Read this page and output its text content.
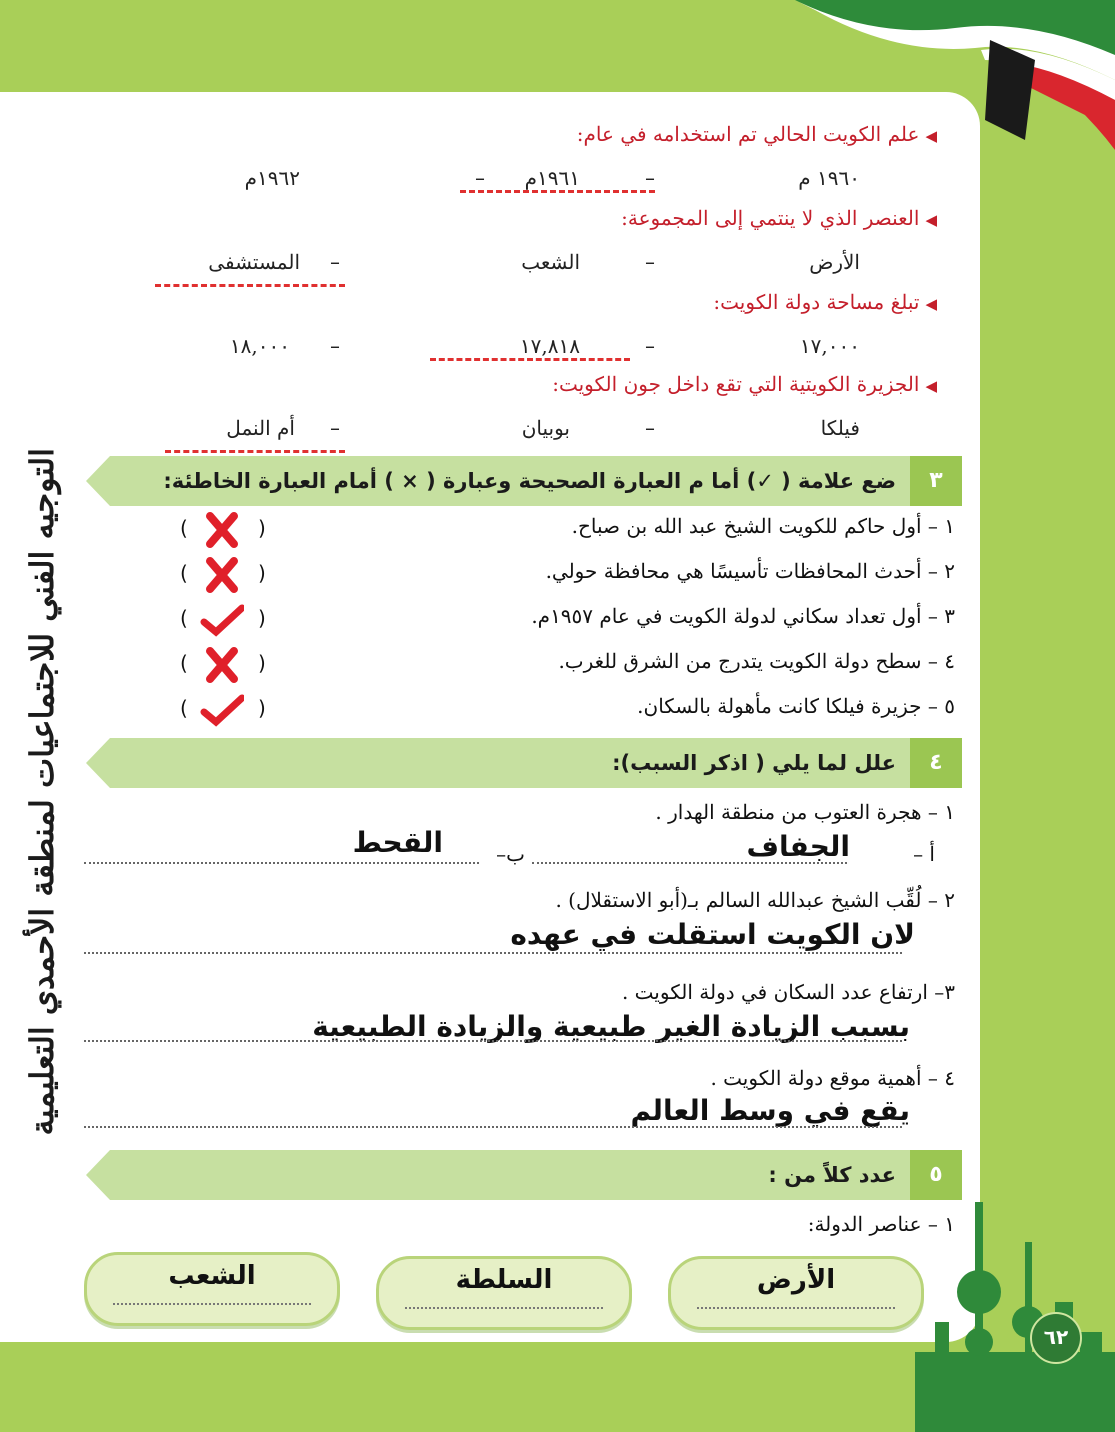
التوجيه الفني للاجتماعيات لمنطقة الأحمدي التعليمية
٦٢
◀علم الكويت الحالي تم استخدامه في عام:
١٩٦٠ م
–
١٩٦١م
–
١٩٦٢م
◀العنصر الذي لا ينتمي إلى المجموعة:
الأرض
–
الشعب
–
المستشفى
◀تبلغ مساحة دولة الكويت:
١٧,٠٠٠
–
١٧,٨١٨
–
١٨,٠٠٠
◀الجزيرة الكويتية التي تقع داخل جون الكويت:
فيلكا
–
بوبيان
–
أم النمل
٣
ضع علامة ( ✓) أما م العبارة الصحيحة وعبارة ( × ) أمام العبارة الخاطئة:
١ – أول حاكم للكويت الشيخ عبد الله بن صباح.
(
)
٢ – أحدث المحافظات تأسيسًا هي محافظة حولي.
(
)
٣ – أول تعداد سكاني لدولة الكويت في عام ١٩٥٧م.
(
)
٤ – سطح دولة الكويت يتدرج من الشرق للغرب.
(
)
٥ – جزيرة فيلكا كانت مأهولة بالسكان.
(
)
٤
علل لما يلي ( اذكر السبب):
١ – هجرة العتوب من منطقة الهدار .
أ –
الجفاف
ب–
القحط
٢ – لُقِّب الشيخ عبدالله السالم بـ(أبو الاستقلال) .
لان الكويت استقلت في عهده
٣– ارتفاع عدد السكان في دولة الكويت .
بسبب الزيادة الغير طبيعية والزيادة الطبيعية
٤ – أهمية موقع دولة الكويت .
يقع في وسط العالم
٥
عدد كلاً من :
١ – عناصر الدولة:
الأرض
السلطة
الشعب
